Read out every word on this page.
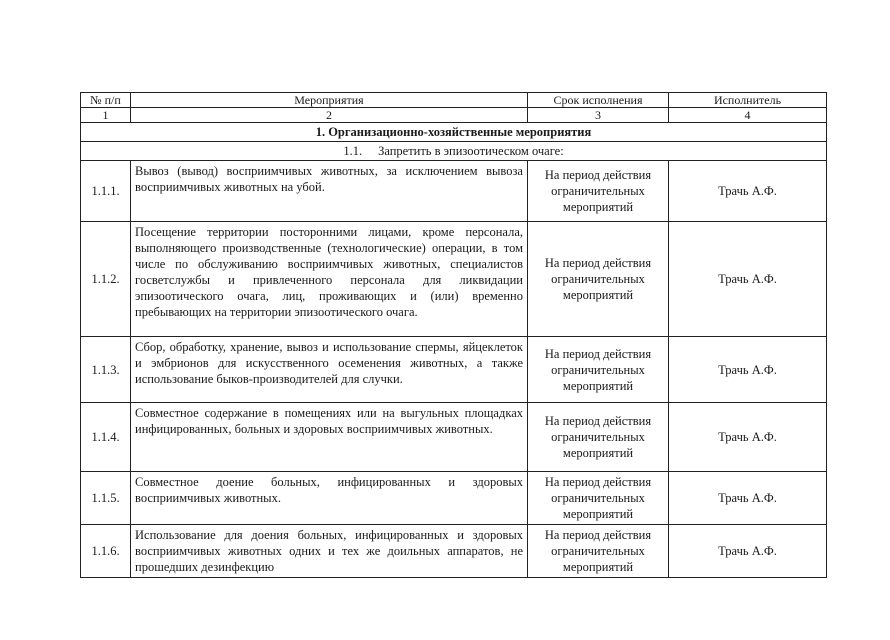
№ п/п	Мероприятия	Срок исполнения	Исполнитель
1	2	3	4
1. Организационно-хозяйственные мероприятия			
1.1. Запретить в эпизоотическом очаге:			
1.1.1.	Вывоз (вывод) восприимчивых животных, за исключением вывоза восприимчивых животных на убой.	На период действия ограничительных мероприятий	Трачь А.Ф.
1.1.2.	Посещение территории посторонними лицами, кроме персонала, выполняющего производственные (технологические) операции, в том числе по обслуживанию восприимчивых животных, специалистов госветслужбы и привлеченного персонала для ликвидации эпизоотического очага, лиц, проживающих и (или) временно пребывающих на территории эпизоотического очага.	На период действия ограничительных мероприятий	Трачь А.Ф.
1.1.3.	Сбор, обработку, хранение, вывоз и использование спермы, яйцеклеток и эмбрионов для искусственного осеменения животных, а также использование быков-производителей для случки.	На период действия ограничительных мероприятий	Трачь А.Ф.
1.1.4.	Совместное содержание в помещениях или на выгульных площадках инфицированных, больных и здоровых восприимчивых животных.	На период действия ограничительных мероприятий	Трачь А.Ф.
1.1.5.	Совместное доение больных, инфицированных и здоровых восприимчивых животных.	На период действия ограничительных мероприятий	Трачь А.Ф.
1.1.6.	Использование для доения больных, инфицированных и здоровых восприимчивых животных одних и тех же доильных аппаратов, не прошедших дезинфекцию	На период действия ограничительных мероприятий	Трачь А.Ф.
